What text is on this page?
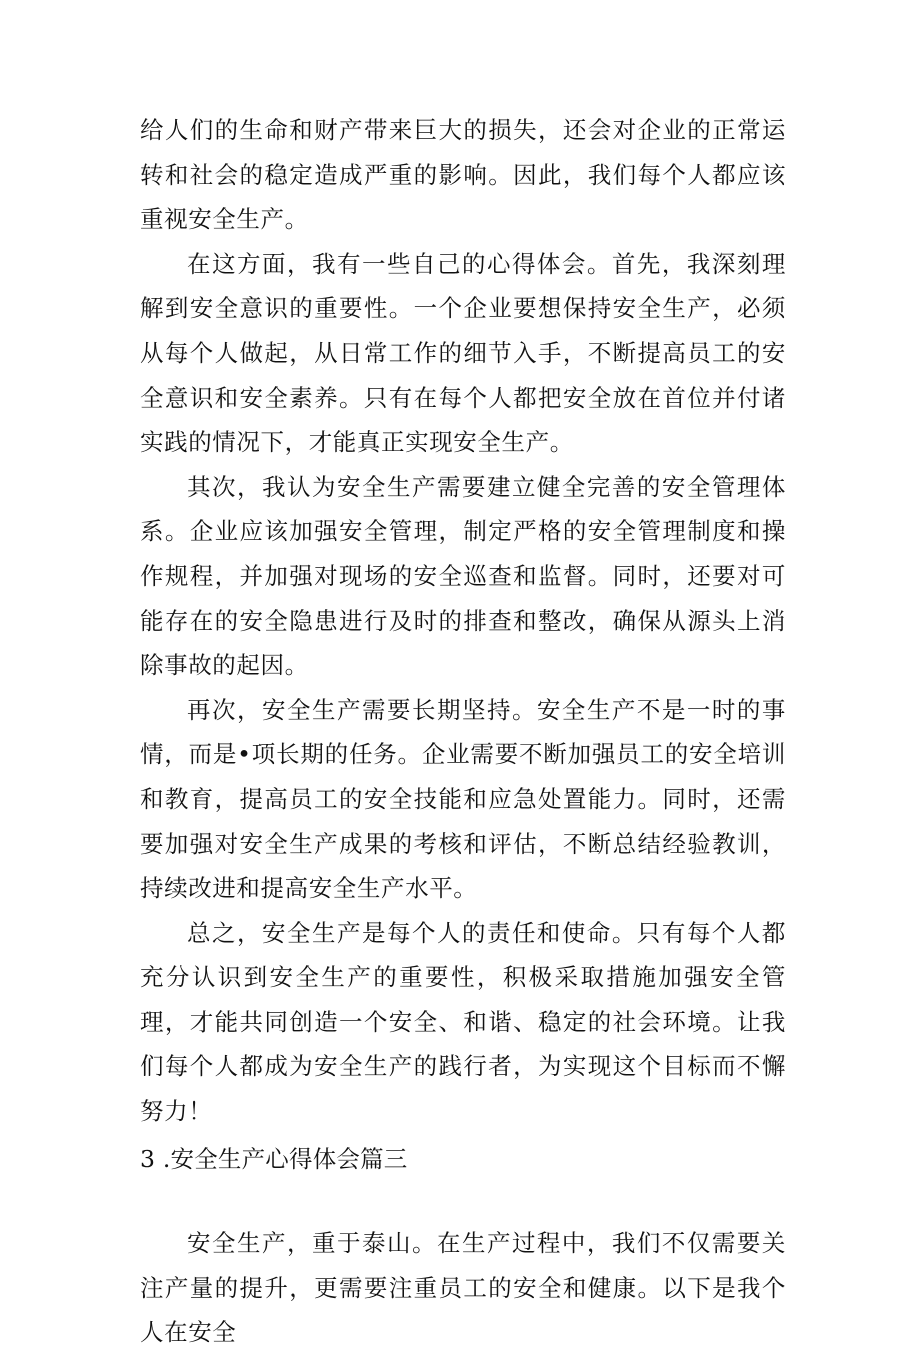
给人们的生命和财产带来巨大的损失，还会对企业的正常运转和社会的稳定造成严重的影响。因此，我们每个人都应该重视安全生产。

在这方面，我有一些自己的心得体会。首先，我深刻理解到安全意识的重要性。一个企业要想保持安全生产，必须从每个人做起，从日常工作的细节入手，不断提高员工的安全意识和安全素养。只有在每个人都把安全放在首位并付诸实践的情况下，才能真正实现安全生产。

其次，我认为安全生产需要建立健全完善的安全管理体系。企业应该加强安全管理，制定严格的安全管理制度和操作规程，并加强对现场的安全巡查和监督。同时，还要对可能存在的安全隐患进行及时的排查和整改，确保从源头上消除事故的起因。

再次，安全生产需要长期坚持。安全生产不是一时的事情，而是•项长期的任务。企业需要不断加强员工的安全培训和教育，提高员工的安全技能和应急处置能力。同时，还需要加强对安全生产成果的考核和评估，不断总结经验教训，持续改进和提高安全生产水平。

总之，安全生产是每个人的责任和使命。只有每个人都充分认识到安全生产的重要性，积极采取措施加强安全管理，才能共同创造一个安全、和谐、稳定的社会环境。让我们每个人都成为安全生产的践行者，为实现这个目标而不懈努力！

3 .安全生产心得体会篇三

安全生产，重于泰山。在生产过程中，我们不仅需要关注产量的提升，更需要注重员工的安全和健康。以下是我个人在安全
